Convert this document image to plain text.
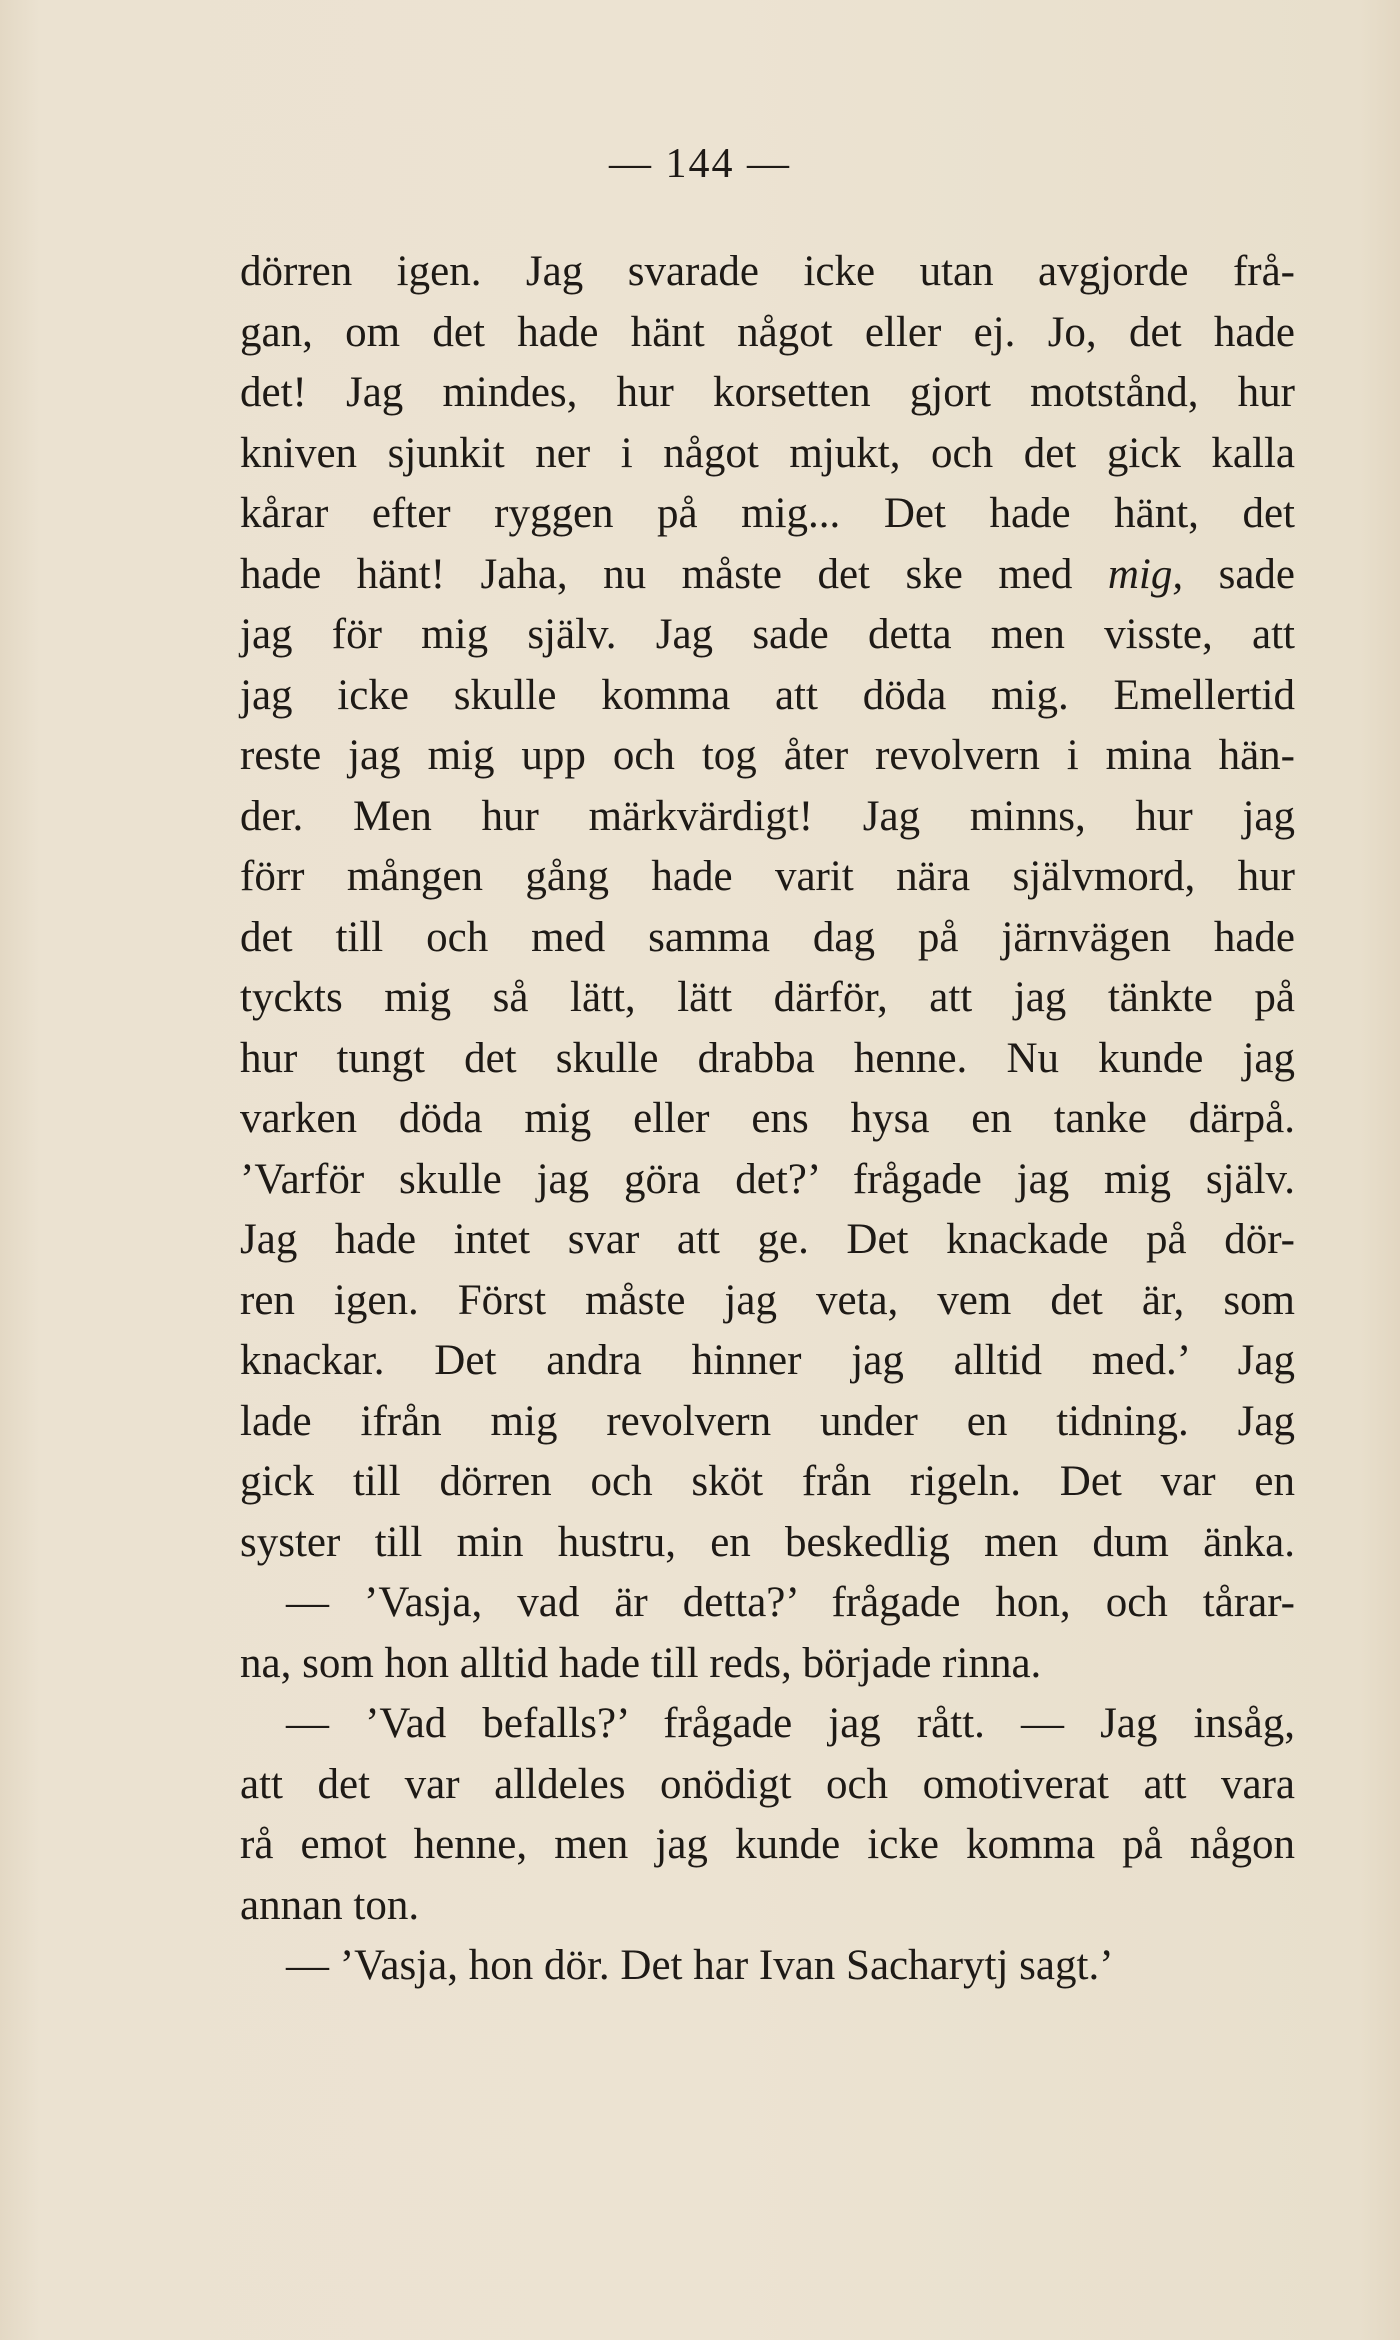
— 144 —
dörren igen. Jag svarade icke utan avgjorde frå-
gan, om det hade hänt något eller ej. Jo, det hade
det! Jag mindes, hur korsetten gjort motstånd, hur
kniven sjunkit ner i något mjukt, och det gick kalla
kårar efter ryggen på mig... Det hade hänt, det
hade hänt! Jaha, nu måste det ske med mig, sade
jag för mig själv. Jag sade detta men visste, att
jag icke skulle komma att döda mig. Emellertid
reste jag mig upp och tog åter revolvern i mina hän-
der. Men hur märkvärdigt! Jag minns, hur jag
förr mången gång hade varit nära självmord, hur
det till och med samma dag på järnvägen hade
tyckts mig så lätt, lätt därför, att jag tänkte på
hur tungt det skulle drabba henne. Nu kunde jag
varken döda mig eller ens hysa en tanke därpå.
’Varför skulle jag göra det?’ frågade jag mig själv.
Jag hade intet svar att ge. Det knackade på dör-
ren igen. Först måste jag veta, vem det är, som
knackar. Det andra hinner jag alltid med.’ Jag
lade ifrån mig revolvern under en tidning. Jag
gick till dörren och sköt från rigeln. Det var en
syster till min hustru, en beskedlig men dum änka.
— ’Vasja, vad är detta?’ frågade hon, och tårar-
na, som hon alltid hade till reds, började rinna.
— ’Vad befalls?’ frågade jag rått. — Jag insåg,
att det var alldeles onödigt och omotiverat att vara
rå emot henne, men jag kunde icke komma på någon
annan ton.
— ’Vasja, hon dör. Det har Ivan Sacharytj sagt.’
